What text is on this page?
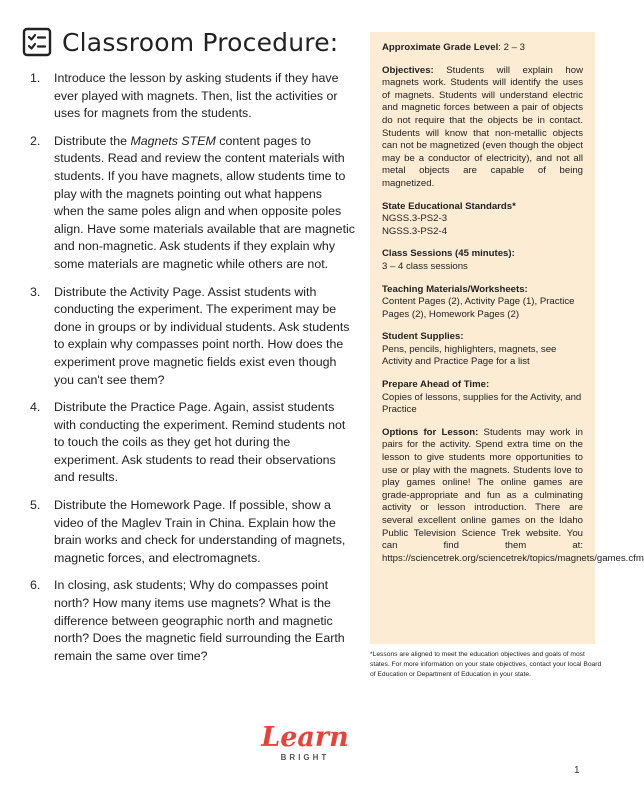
Classroom Procedure:
1.	Introduce the lesson by asking students if they have ever played with magnets. Then, list the activities or uses for magnets from the students.
2.	Distribute the Magnets STEM content pages to students. Read and review the content materials with students. If you have magnets, allow students time to play with the magnets pointing out what happens when the same poles align and when opposite poles align. Have some materials available that are magnetic and non-magnetic. Ask students if they explain why some materials are magnetic while others are not.
3.	Distribute the Activity Page. Assist students with conducting the experiment. The experiment may be done in groups or by individual students. Ask students to explain why compasses point north. How does the experiment prove magnetic fields exist even though you can't see them?
4.	Distribute the Practice Page. Again, assist students with conducting the experiment. Remind students not to touch the coils as they get hot during the experiment. Ask students to read their observations and results.
5.	Distribute the Homework Page. If possible, show a video of the Maglev Train in China. Explain how the brain works and check for understanding of magnets, magnetic forces, and electromagnets.
6.	In closing, ask students; Why do compasses point north? How many items use magnets? What is the difference between geographic north and magnetic north? Does the magnetic field surrounding the Earth remain the same over time?
Approximate Grade Level: 2 – 3
Objectives: Students will explain how magnets work. Students will identify the uses of magnets. Students will understand electric and magnetic forces between a pair of objects do not require that the objects be in contact. Students will know that non-metallic objects can not be magnetized (even though the object may be a conductor of electricity), and not all metal objects are capable of being magnetized.
State Educational Standards*
NGSS.3-PS2-3
NGSS.3-PS2-4
Class Sessions (45 minutes):
3 – 4 class sessions
Teaching Materials/Worksheets:
Content Pages (2), Activity Page (1), Practice Pages (2), Homework Pages (2)
Student Supplies:
Pens, pencils, highlighters, magnets, see Activity and Practice Page for a list
Prepare Ahead of Time:
Copies of lessons, supplies for the Activity, and Practice
Options for Lesson: Students may work in pairs for the activity. Spend extra time on the lesson to give students more opportunities to use or play with the magnets. Students love to play games online! The online games are grade-appropriate and fun as a culminating activity or lesson introduction. There are several excellent online games on the Idaho Public Television Science Trek website. You can find them at: https://sciencetrek.org/sciencetrek/topics/magnets/games.cfm
*Lessons are aligned to meet the education objectives and goals of most states. For more information on your state objectives, contact your local Board of Education or Department of Education in your state.
Learn
BRIGHT
1
